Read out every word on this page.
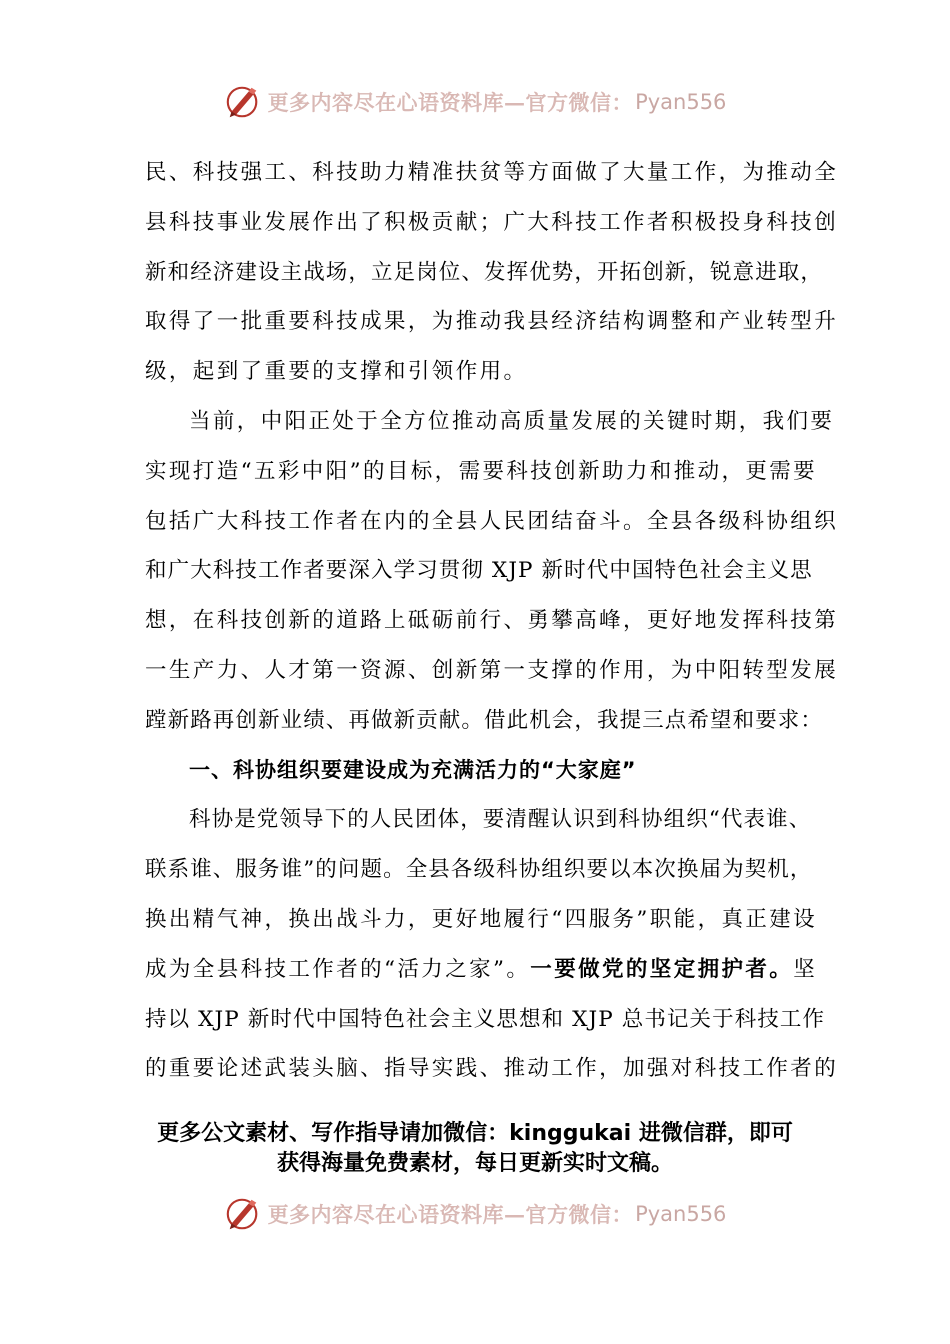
更多内容尽在心语资料库—官方微信： Pyan556
民、科技强工、科技助力精准扶贫等方面做了大量工作，为推动全
县科技事业发展作出了积极贡献；广大科技工作者积极投身科技创
新和经济建设主战场，立足岗位、发挥优势，开拓创新，锐意进取，
取得了一批重要科技成果，为推动我县经济结构调整和产业转型升
级，起到了重要的支撑和引领作用。
当前，中阳正处于全方位推动高质量发展的关键时期，我们要
实现打造“五彩中阳”的目标，需要科技创新助力和推动，更需要
包括广大科技工作者在内的全县人民团结奋斗。全县各级科协组织
和广大科技工作者要深入学习贯彻 XJP 新时代中国特色社会主义思
想，在科技创新的道路上砥砺前行、勇攀高峰，更好地发挥科技第
一生产力、人才第一资源、创新第一支撑的作用，为中阳转型发展
蹚新路再创新业绩、再做新贡献。借此机会，我提三点希望和要求：
一、科协组织要建设成为充满活力的“大家庭”
科协是党领导下的人民团体，要清醒认识到科协组织“代表谁、
联系谁、服务谁”的问题。全县各级科协组织要以本次换届为契机，
换出精气神，换出战斗力，更好地履行“四服务”职能，真正建设
成为全县科技工作者的“活力之家”。一要做党的坚定拥护者。坚
持以 XJP 新时代中国特色社会主义思想和 XJP 总书记关于科技工作
的重要论述武装头脑、指导实践、推动工作，加强对科技工作者的
更多公文素材、写作指导请加微信：kinggukai 进微信群，即可
获得海量免费素材，每日更新实时文稿。
更多内容尽在心语资料库—官方微信： Pyan556
